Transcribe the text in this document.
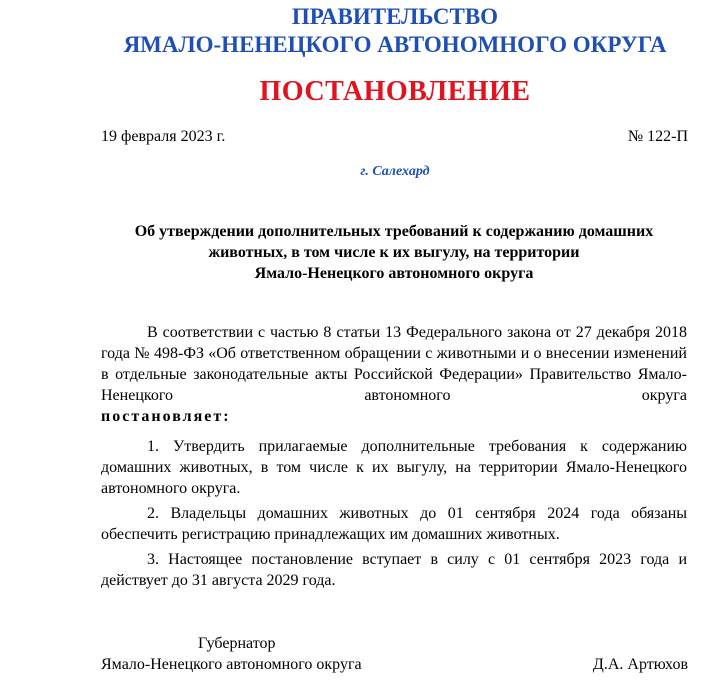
ПРАВИТЕЛЬСТВО
ЯМАЛО-НЕНЕЦКОГО АВТОНОМНОГО ОКРУГА
ПОСТАНОВЛЕНИЕ
19 февраля 2023 г.	№ 122-П
г. Салехард
Об утверждении дополнительных требований к содержанию домашних
животных, в том числе к их выгулу, на территории
Ямало-Ненецкого автономного округа

В соответствии с частью 8 статьи 13 Федерального закона от 27 декабря 2018 года № 498-ФЗ «Об ответственном обращении с животными и о внесении изменений в отдельные законодательные акты Российской Федерации» Правительство Ямало-Ненецкого автономного округа

постановляет:

1. Утвердить прилагаемые дополнительные требования к содержанию домашних животных, в том числе к их выгулу, на территории Ямало-Ненецкого автономного округа.

2. Владельцы домашних животных до 01 сентября 2024 года обязаны обеспечить регистрацию принадлежащих им домашних животных.

3. Настоящее постановление вступает в силу с 01 сентября 2023 года и действует до 31 августа 2029 года.

Губернатор
Ямало-Ненецкого автономного округа	Д.А. Артюхов
